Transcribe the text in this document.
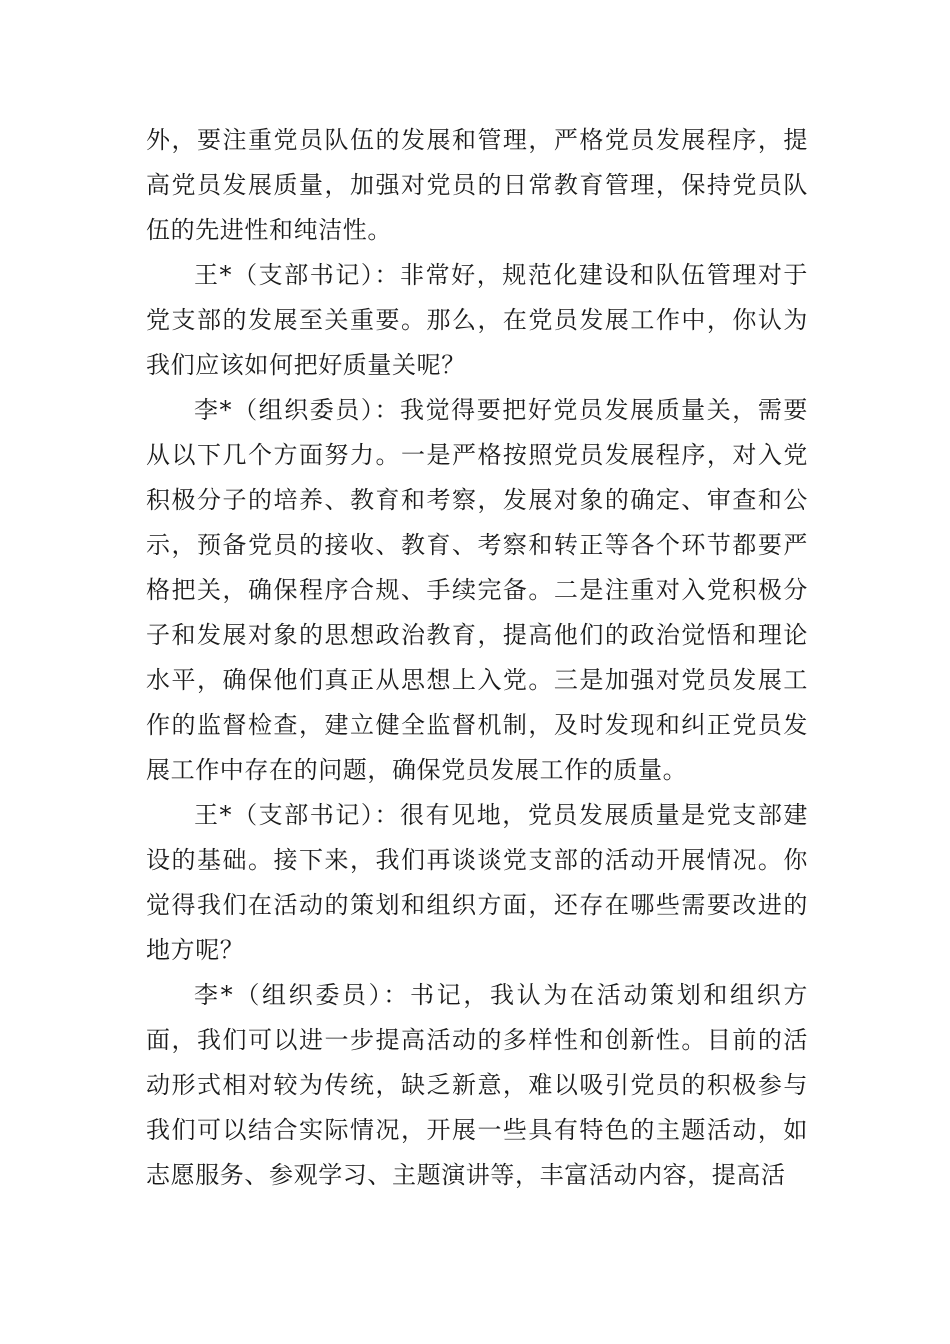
外，要注重党员队伍的发展和管理，严格党员发展程序，提高党员发展质量，加强对党员的日常教育管理，保持党员队伍的先进性和纯洁性。

王*（支部书记）：非常好，规范化建设和队伍管理对于党支部的发展至关重要。那么，在党员发展工作中，你认为我们应该如何把好质量关呢？

李*（组织委员）：我觉得要把好党员发展质量关，需要从以下几个方面努力。一是严格按照党员发展程序，对入党积极分子的培养、教育和考察，发展对象的确定、审查和公示，预备党员的接收、教育、考察和转正等各个环节都要严格把关，确保程序合规、手续完备。二是注重对入党积极分子和发展对象的思想政治教育，提高他们的政治觉悟和理论水平，确保他们真正从思想上入党。三是加强对党员发展工作的监督检查，建立健全监督机制，及时发现和纠正党员发展工作中存在的问题，确保党员发展工作的质量。

王*（支部书记）：很有见地，党员发展质量是党支部建设的基础。接下来，我们再谈谈党支部的活动开展情况。你觉得我们在活动的策划和组织方面，还存在哪些需要改进的地方呢？

李*（组织委员）：书记，我认为在活动策划和组织方面，我们可以进一步提高活动的多样性和创新性。目前的活动形式相对较为传统，缺乏新意，难以吸引党员的积极参与我们可以结合实际情况，开展一些具有特色的主题活动，如志愿服务、参观学习、主题演讲等，丰富活动内容，提高活
